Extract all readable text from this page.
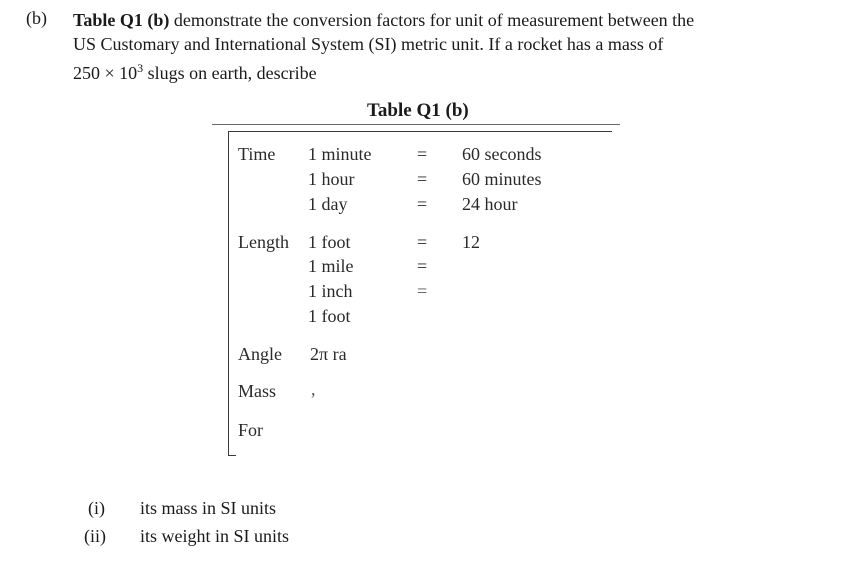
(b) Table Q1 (b) demonstrate the conversion factors for unit of measurement between the
US Customary and International System (SI) metric unit. If a rocket has a mass of
$250 \times 10^3$ slugs on earth, describe
Table Q1 (b)
Time 1 minute	= 60 seconds
1 hour	= 60 minutes
1 day	= 24 hour
Length 1 foot	= 12
1 mile	=
1 inch	=
1 foot
Angle 2π ra
Mass ,
For
(i) its mass in SI units
(ii) its weight in SI units
